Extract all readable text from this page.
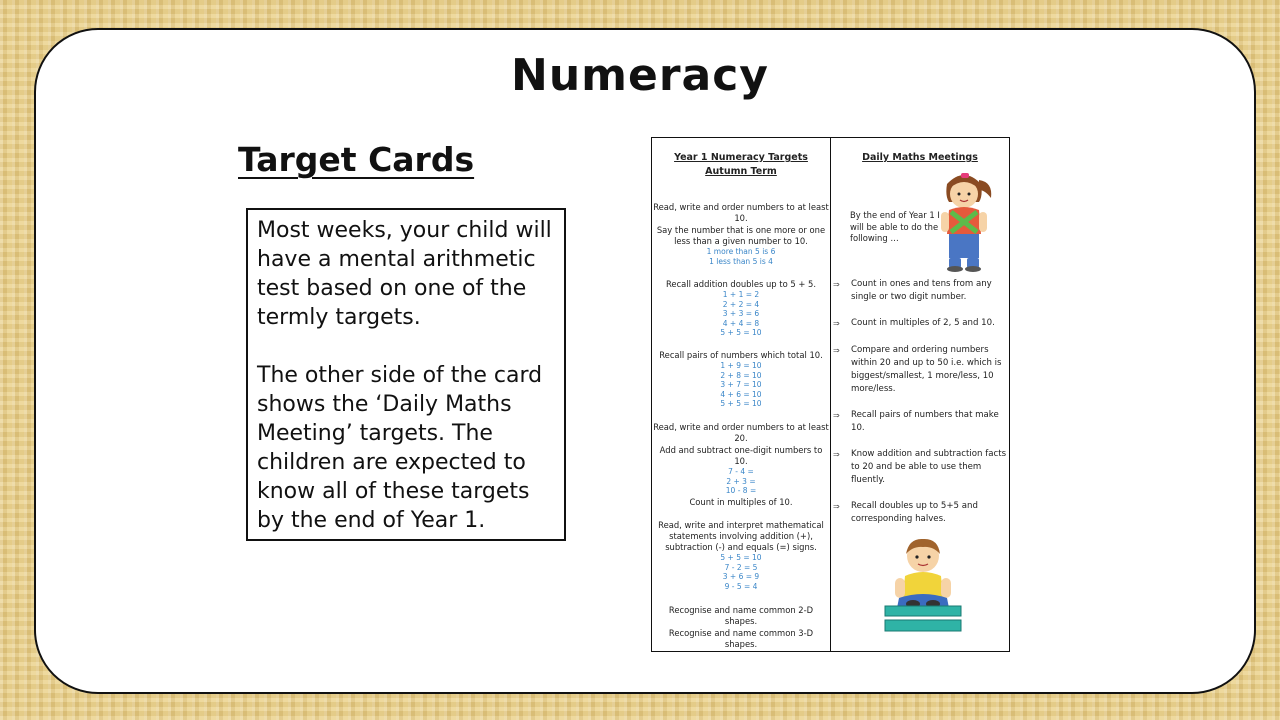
Numeracy
Target Cards

Most weeks, your child will have a mental arithmetic test based on one of the termly targets.

The other side of the card shows the ‘Daily Maths Meeting’ targets. The children are expected to know all of these targets by the end of Year 1.

Year 1 Numeracy Targets
Autumn Term
Read, write and order numbers to at least 10.
Say the number that is one more or one less than a given number to 10.
1 more than 5 is 6
1 less than 5 is 4
Recall addition doubles up to 5 + 5.
1 + 1 = 2
2 + 2 = 4
3 + 3 = 6
4 + 4 = 8
5 + 5 = 10
Recall pairs of numbers which total 10.
1 + 9 = 10
2 + 8 = 10
3 + 7 = 10
4 + 6 = 10
5 + 5 = 10
Read, write and order numbers to at least 20.
Add and subtract one-digit numbers to 10.
7 - 4 =
2 + 3 =
10 - 8 =
Count in multiples of 10.
Read, write and interpret mathematical statements involving addition (+), subtraction (-) and equals (=) signs.
5 + 5 = 10
7 - 2 = 5
3 + 6 = 9
9 - 5 = 4
Recognise and name common 2-D shapes.
Recognise and name common 3-D shapes.
Daily Maths Meetings
By the end of Year 1 I will be able to do the following …
⇒	Count in ones and tens from any single or two digit number.
⇒	Count in multiples of 2, 5 and 10.
⇒	Compare and ordering numbers within 20 and up to 50 i.e. which is biggest/smallest, 1 more/less, 10 more/less.
⇒	Recall pairs of numbers that make 10.
⇒	Know addition and subtraction facts to 20 and be able to use them fluently.
⇒	Recall doubles up to 5+5 and corresponding halves.
